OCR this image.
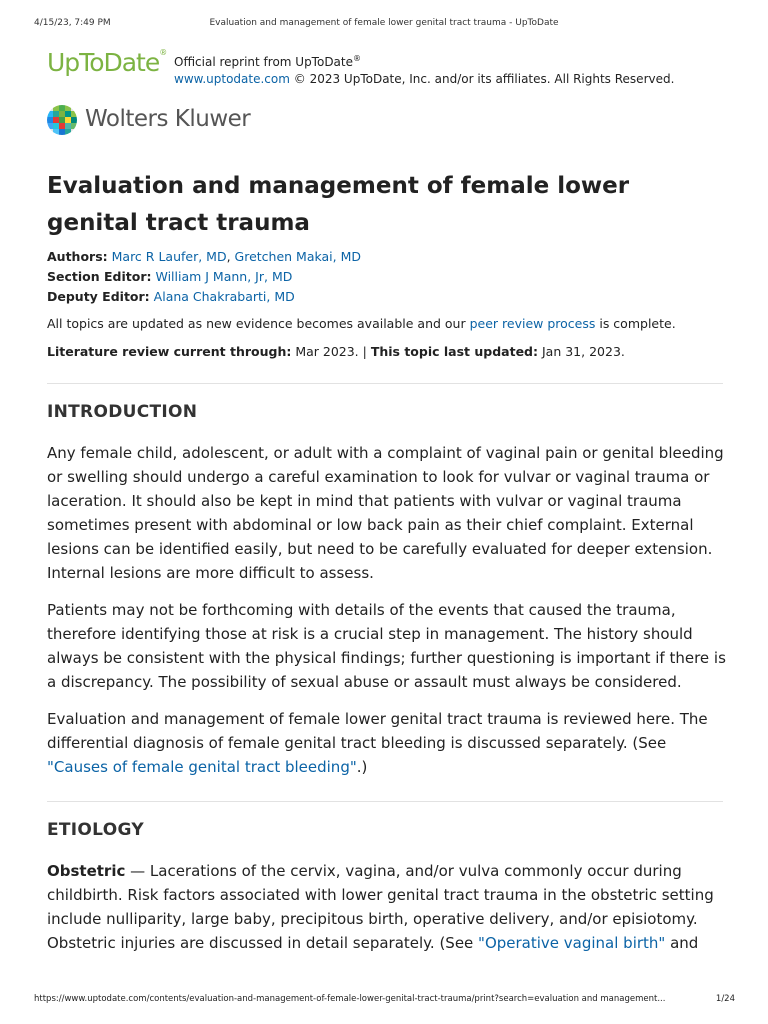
4/15/23, 7:49 PM	Evaluation and management of female lower genital tract trauma - UpToDate
UpToDate®
Official reprint from UpToDate®
www.uptodate.com © 2023 UpToDate, Inc. and/or its affiliates. All Rights Reserved.
Wolters Kluwer
Evaluation and management of female lower genital tract trauma
Authors: Marc R Laufer, MD, Gretchen Makai, MD
Section Editor: William J Mann, Jr, MD
Deputy Editor: Alana Chakrabarti, MD
All topics are updated as new evidence becomes available and our peer review process is complete.
Literature review current through: Mar 2023. | This topic last updated: Jan 31, 2023.
INTRODUCTION

Any female child, adolescent, or adult with a complaint of vaginal pain or genital bleeding or swelling should undergo a careful examination to look for vulvar or vaginal trauma or laceration. It should also be kept in mind that patients with vulvar or vaginal trauma sometimes present with abdominal or low back pain as their chief complaint. External lesions can be identified easily, but need to be carefully evaluated for deeper extension. Internal lesions are more difficult to assess.

Patients may not be forthcoming with details of the events that caused the trauma, therefore identifying those at risk is a crucial step in management. The history should always be consistent with the physical findings; further questioning is important if there is a discrepancy. The possibility of sexual abuse or assault must always be considered.

Evaluation and management of female lower genital tract trauma is reviewed here. The differential diagnosis of female genital tract bleeding is discussed separately. (See "Causes of female genital tract bleeding".)

ETIOLOGY

Obstetric — Lacerations of the cervix, vagina, and/or vulva commonly occur during childbirth. Risk factors associated with lower genital tract trauma in the obstetric setting include nulliparity, large baby, precipitous birth, operative delivery, and/or episiotomy. Obstetric injuries are discussed in detail separately. (See "Operative vaginal birth" and

https://www.uptodate.com/contents/evaluation-and-management-of-female-lower-genital-tract-trauma/print?search=evaluation and management...	1/24
